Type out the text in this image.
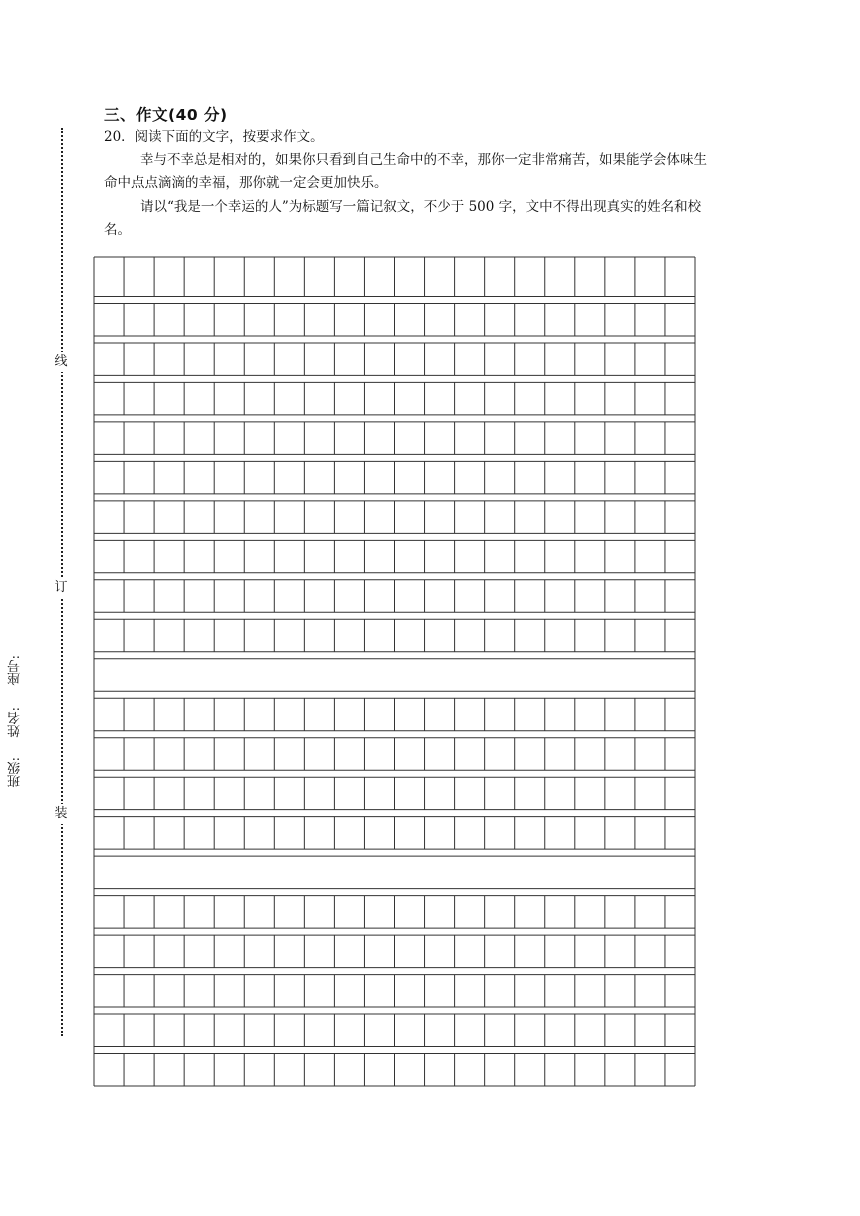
三、作文(40 分)
20．阅读下面的文字，按要求作文。
幸与不幸总是相对的，如果你只看到自己生命中的不幸，那你一定非常痛苦，如果能学会体味生
命中点点滴滴的幸福，那你就一定会更加快乐。
请以“我是一个幸运的人”为标题写一篇记叙文，不少于 500 字，文中不得出现真实的姓名和校
名。
线
订
装
班级:
姓名:
座号:
